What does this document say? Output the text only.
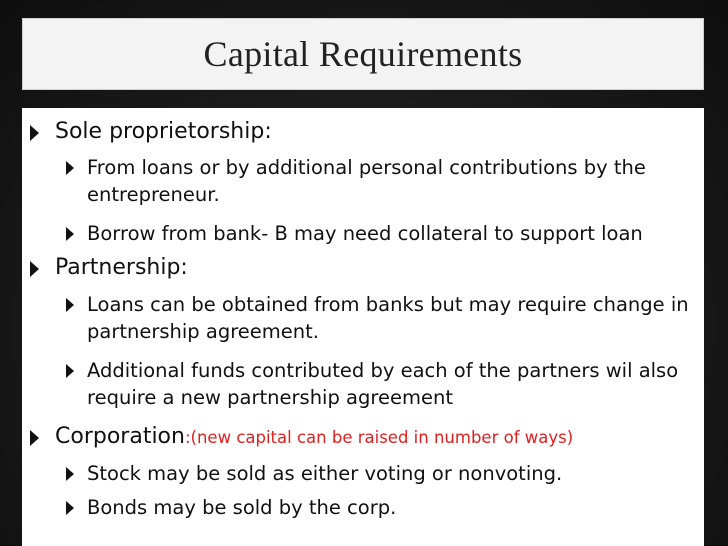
Capital Requirements
Sole proprietorship:
From loans or by additional personal contributions by the entrepreneur.
Borrow from bank- B may need collateral to support loan
Partnership:
Loans can be obtained from banks but may require change in partnership agreement.
Additional funds contributed by each of the partners wil also require a new partnership agreement
Corporation:(new capital can be raised in number of ways)
Stock may be sold as either voting or nonvoting.
Bonds may be sold by the corp.
